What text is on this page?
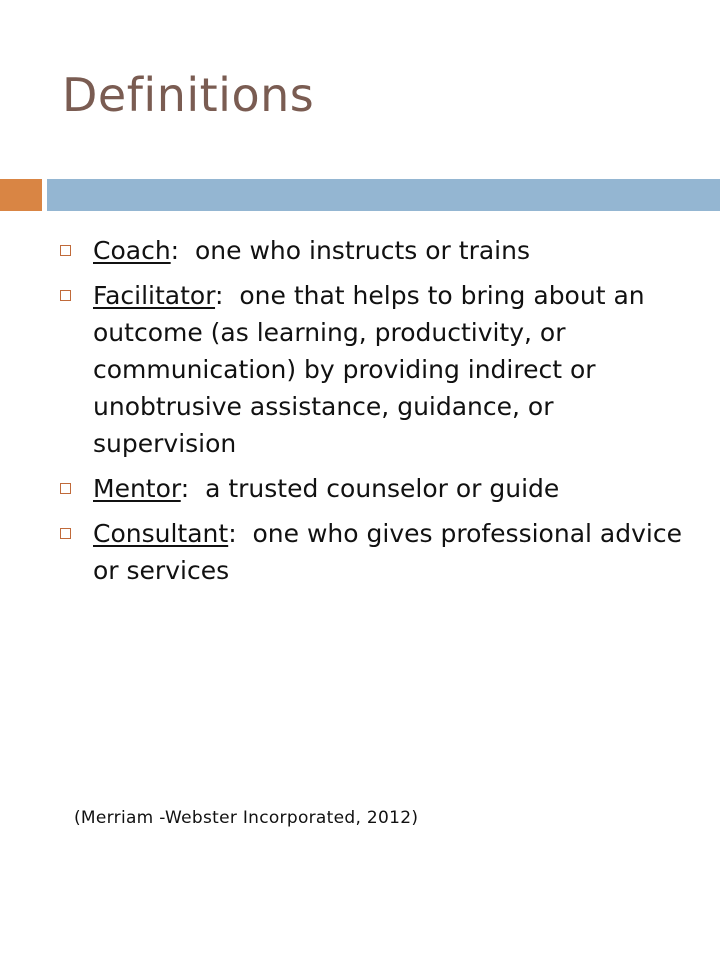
Definitions
Coach:  one who instructs or trains
Facilitator:  one that helps to bring about an outcome (as learning, productivity, or communication) by providing indirect or unobtrusive assistance, guidance, or supervision
Mentor:  a trusted counselor or guide
Consultant:  one who gives professional advice or services
(Merriam -Webster Incorporated, 2012)
